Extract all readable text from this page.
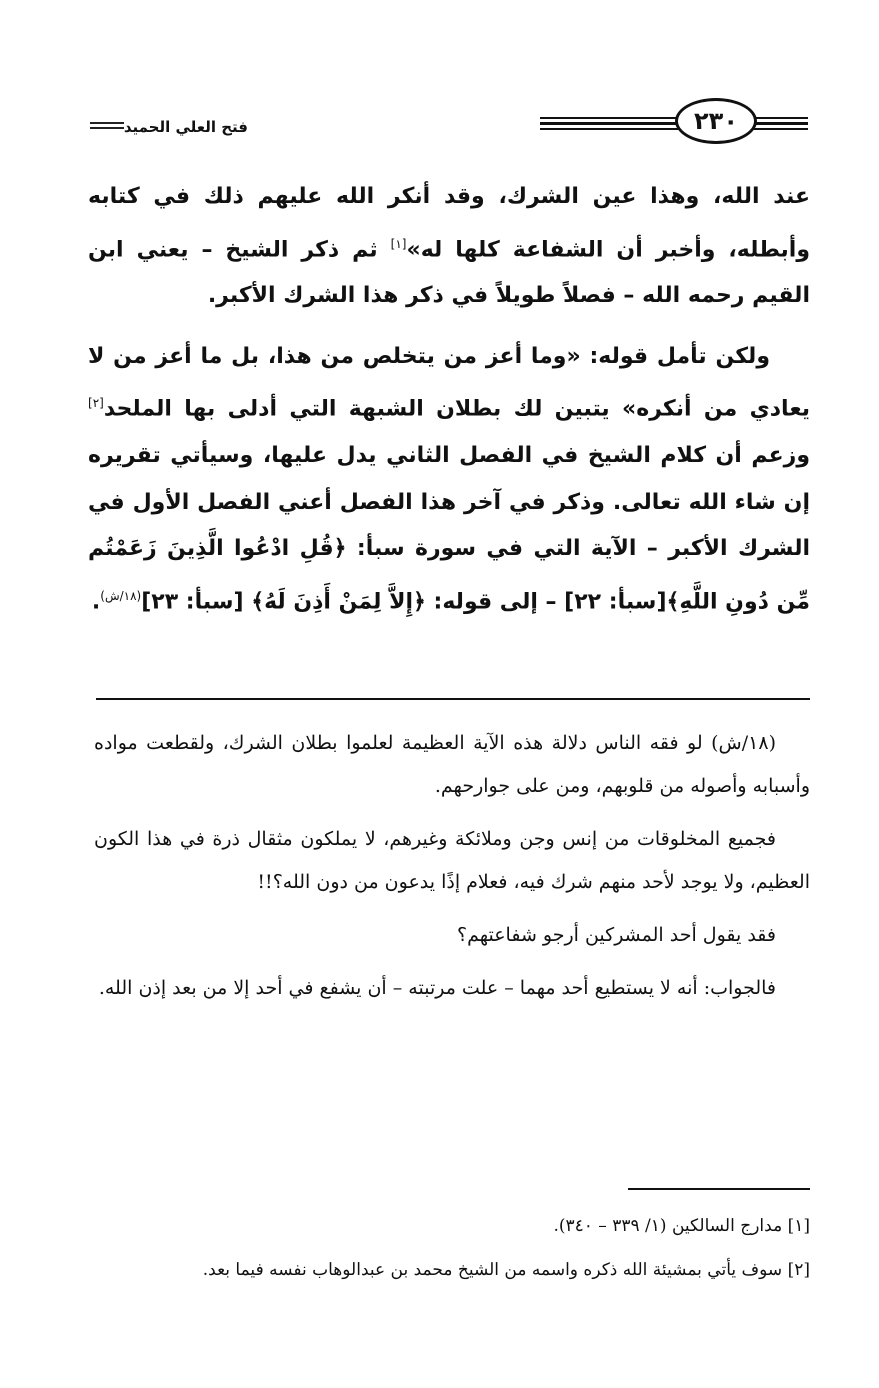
فتح العلي الحميد	٢٣٠

عند الله، وهذا عين الشرك، وقد أنكر الله عليهم ذلك في كتابه وأبطله، وأخبر أن الشفاعة كلها له»[١] ثم ذكر الشيخ – يعني ابن القيم رحمه الله – فصلاً طويلاً في ذكر هذا الشرك الأكبر.

ولكن تأمل قوله: «وما أعز من يتخلص من هذا، بل ما أعز من لا يعادي من أنكره» يتبين لك بطلان الشبهة التي أدلى بها الملحد[٢] وزعم أن كلام الشيخ في الفصل الثاني يدل عليها، وسيأتي تقريره إن شاء الله تعالى. وذكر في آخر هذا الفصل أعني الفصل الأول في الشرك الأكبر – الآية التي في سورة سبأ: ﴿قُلِ ادْعُوا الَّذِينَ زَعَمْتُم مِّن دُونِ اللَّهِ﴾[سبأ: ٢٢] – إلى قوله: ﴿إِلاَّ لِمَنْ أَذِنَ لَهُ﴾ [سبأ: ٢٣]$^{(١٨/ش)}$.

(١٨/ش) لو فقه الناس دلالة هذه الآية العظيمة لعلموا بطلان الشرك، ولقطعت مواده وأسبابه وأصوله من قلوبهم، ومن على جوارحهم.

فجميع المخلوقات من إنس وجن وملائكة وغيرهم، لا يملكون مثقال ذرة في هذا الكون العظيم، ولا يوجد لأحد منهم شرك فيه، فعلام إذًا يدعون من دون الله؟!!

فقد يقول أحد المشركين أرجو شفاعتهم؟

فالجواب: أنه لا يستطيع أحد مهما – علت مرتبته – أن يشفع في أحد إلا من بعد إذن الله.

[١] مدارج السالكين (١/ ٣٣٩ – ٣٤٠).

[٢] سوف يأتي بمشيئة الله ذكره واسمه من الشيخ محمد بن عبدالوهاب نفسه فيما بعد.
